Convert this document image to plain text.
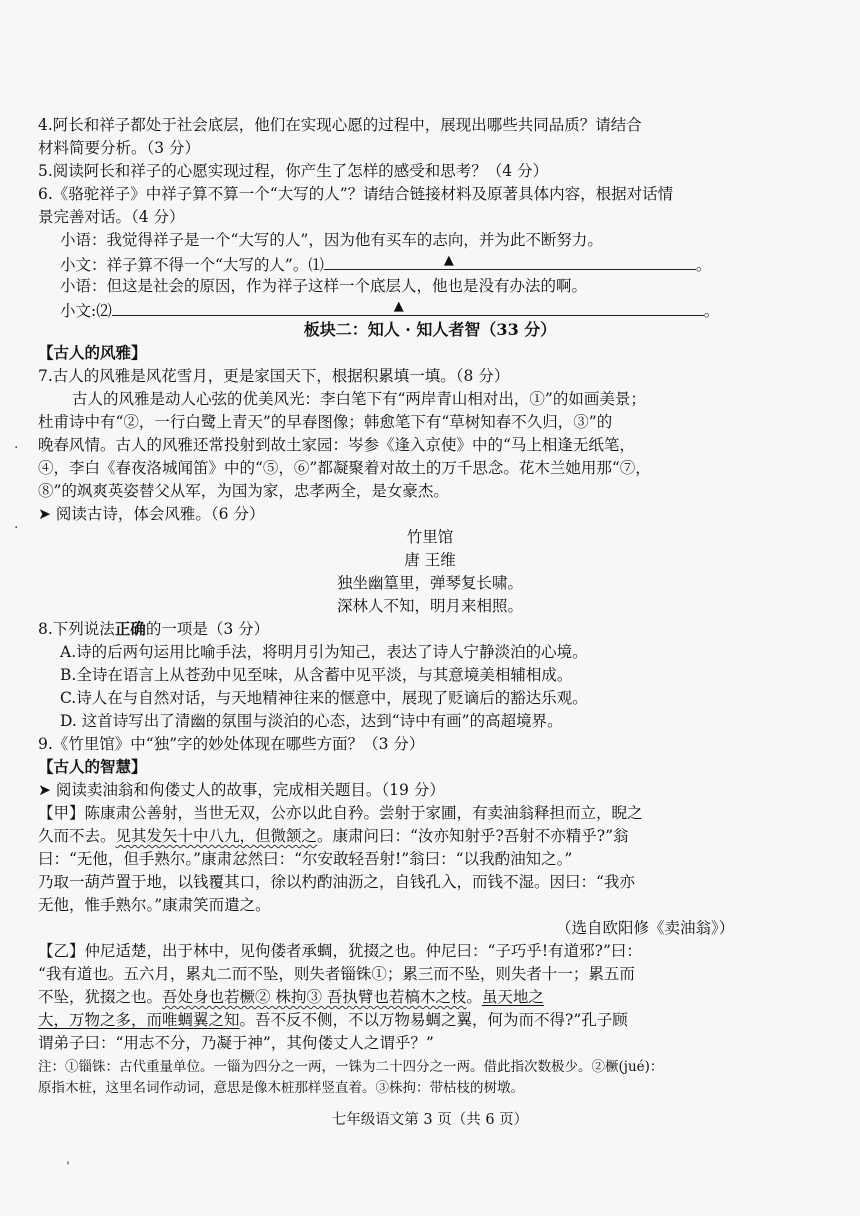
4.阿长和祥子都处于社会底层，他们在实现心愿的过程中，展现出哪些共同品质？请结合
材料简要分析。（3 分）
5.阅读阿长和祥子的心愿实现过程，你产生了怎样的感受和思考？（4 分）
6.《骆驼祥子》中祥子算不算一个“大写的人”？请结合链接材料及原著具体内容，根据对话情
景完善对话。（4 分）
小语：我觉得祥子是一个“大写的人”，因为他有买车的志向，并为此不断努力。
小文：祥子算不得一个“大写的人”。⑴	▲	。
小语：但这是社会的原因，作为祥子这样一个底层人，他也是没有办法的啊。
小文:⑵	▲	。
板块二：知人 · 知人者智（33 分）
【古人的风雅】
7.古人的风雅是风花雪月，更是家国天下，根据积累填一填。（8 分）
古人的风雅是动人心弦的优美风光：李白笔下有“两岸青山相对出，①”的如画美景；
杜甫诗中有“②，一行白鹭上青天”的早春图像；韩愈笔下有“草树知春不久归，③”的
晚春风情。古人的风雅还常投射到故土家园：岑参《逢入京使》中的“马上相逢无纸笔，
④，李白《春夜洛城闻笛》中的“⑤，⑥”都凝聚着对故土的万千思念。花木兰她用那“⑦，
⑧”的飒爽英姿替父从军，为国为家，忠孝两全，是女豪杰。
➤ 阅读古诗，体会风雅。（6 分）
竹里馆
唐 王维
独坐幽篁里，弹琴复长啸。
深林人不知，明月来相照。
8.下列说法正确的一项是（3 分）
A.诗的后两句运用比喻手法，将明月引为知己，表达了诗人宁静淡泊的心境。
B.全诗在语言上从苍劲中见至味，从含蓄中见平淡，与其意境美相辅相成。
C.诗人在与自然对话，与天地精神往来的惬意中，展现了贬谪后的豁达乐观。
D. 这首诗写出了清幽的氛围与淡泊的心态，达到“诗中有画”的高超境界。
9.《竹里馆》中“独”字的妙处体现在哪些方面？（3 分）
【古人的智慧】
➤ 阅读卖油翁和佝偻丈人的故事，完成相关题目。（19 分）
【甲】陈康肃公善射，当世无双，公亦以此自矜。尝射于家圃，有卖油翁释担而立，睨之
久而不去。见其发矢十中八九，但微颔之。康肃问曰：“汝亦知射乎?吾射不亦精乎?”翁
曰：“无他，但手熟尔。”康肃忿然曰：“尔安敢轻吾射!”翁曰：“以我酌油知之。”
乃取一葫芦置于地，以钱覆其口，徐以杓酌油沥之，自钱孔入，而钱不湿。因曰：“我亦
无他，惟手熟尔。”康肃笑而遣之。
（选自欧阳修《卖油翁》）
【乙】仲尼适楚，出于林中，见佝偻者承蜩，犹掇之也。仲尼曰：“子巧乎!有道邪?”曰：
“我有道也。五六月，累丸二而不坠，则失者锱铢①；累三而不坠，则失者十一；累五而
不坠，犹掇之也。吾处身也若橛② 株拘③ 吾执臂也若槁木之枝。虽天地之
大，万物之多，而唯蜩翼之知。吾不反不侧，不以万物易蜩之翼，何为而不得?”孔子顾
谓弟子曰：“用志不分，乃凝于神”，其佝偻丈人之谓乎？”
注：①锱铢：古代重量单位。一锱为四分之一两，一铢为二十四分之一两。借此指次数极少。②橛(jué)：
原指木桩，这里名词作动词，意思是像木桩那样竖直着。③株拘：带枯枝的树墩。
七年级语文第 3 页（共 6 页）
·
·
ˈ
